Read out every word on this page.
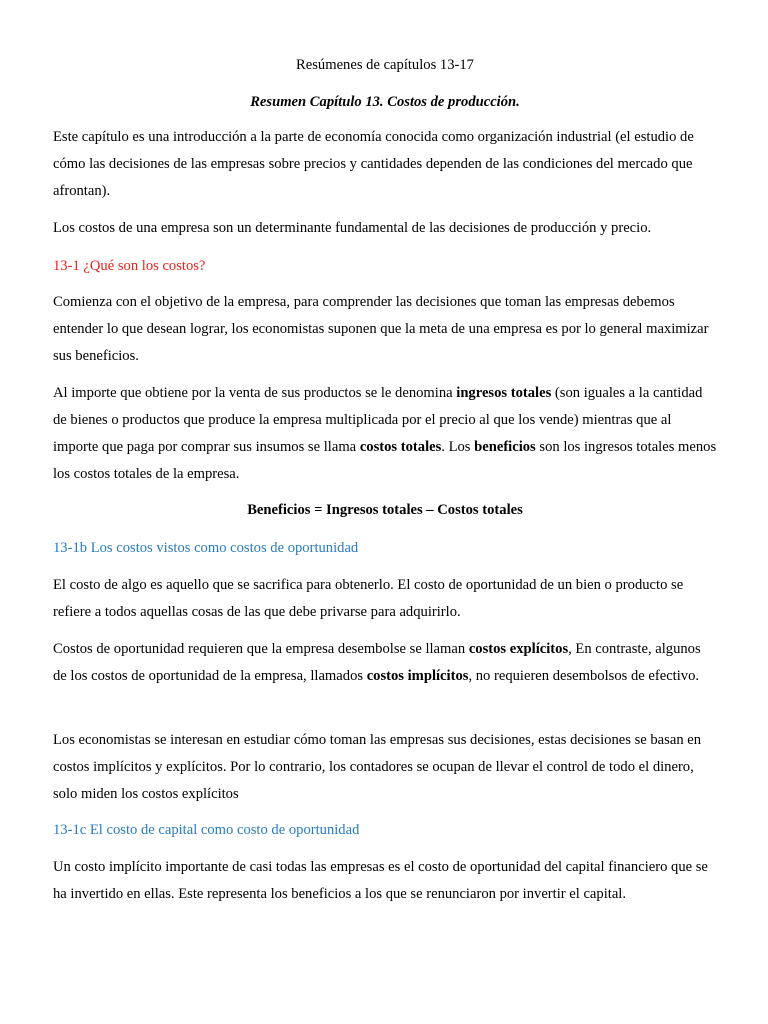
Resúmenes de capítulos 13-17

Resumen Capítulo 13. Costos de producción.

Este capítulo es una introducción a la parte de economía conocida como organización industrial (el estudio de cómo las decisiones de las empresas sobre precios y cantidades dependen de las condiciones del mercado que afrontan).

Los costos de una empresa son un determinante fundamental de las decisiones de producción y precio.

13-1 ¿Qué son los costos?

Comienza con el objetivo de la empresa, para comprender las decisiones que toman las empresas debemos entender lo que desean lograr, los economistas suponen que la meta de una empresa es por lo general maximizar sus beneficios.

Al importe que obtiene por la venta de sus productos se le denomina ingresos totales (son iguales a la cantidad de bienes o productos que produce la empresa multiplicada por el precio al que los vende) mientras que al importe que paga por comprar sus insumos se llama costos totales. Los beneficios son los ingresos totales menos los costos totales de la empresa.

Beneficios = Ingresos totales – Costos totales

13-1b Los costos vistos como costos de oportunidad

El costo de algo es aquello que se sacrifica para obtenerlo. El costo de oportunidad de un bien o producto se refiere a todos aquellas cosas de las que debe privarse para adquirirlo.

Costos de oportunidad requieren que la empresa desembolse se llaman costos explícitos, En contraste, algunos de los costos de oportunidad de la empresa, llamados costos implícitos, no requieren desembolsos de efectivo.

Los economistas se interesan en estudiar cómo toman las empresas sus decisiones, estas decisiones se basan en costos implícitos y explícitos. Por lo contrario, los contadores se ocupan de llevar el control de todo el dinero, solo miden los costos explícitos

13-1c El costo de capital como costo de oportunidad

Un costo implícito importante de casi todas las empresas es el costo de oportunidad del capital financiero que se ha invertido en ellas. Este representa los beneficios a los que se renunciaron por invertir el capital.
